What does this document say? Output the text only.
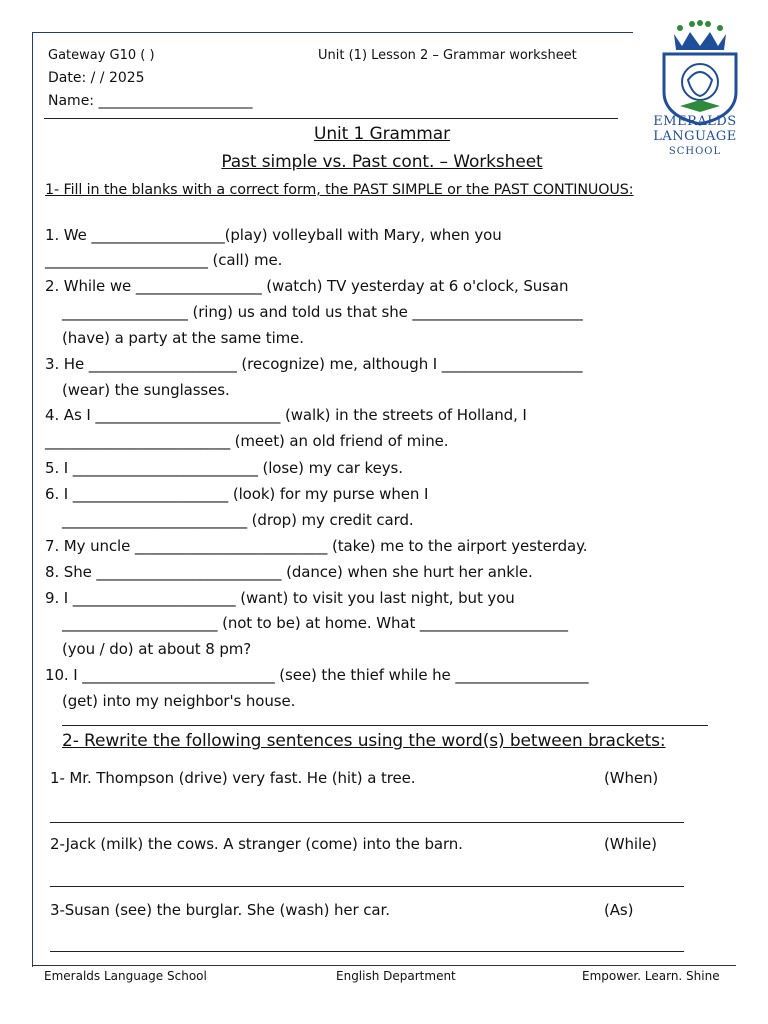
Gateway G10 ( )	Unit (1) Lesson 2 – Grammar worksheet
Date: / / 2025
Name: ______________________
EMERALDS
LANGUAGE
SCHOOL
Unit 1 Grammar
Past simple vs. Past cont. – Worksheet
1- Fill in the blanks with a correct form, the PAST SIMPLE or the PAST CONTINUOUS:
1. We __________________(play) volleyball with Mary, when you
______________________ (call) me.
2. While we _________________ (watch) TV yesterday at 6 o'clock, Susan
_________________ (ring) us and told us that she _______________________
(have) a party at the same time.
3. He ____________________ (recognize) me, although I ___________________
(wear) the sunglasses.
4. As I _________________________ (walk) in the streets of Holland, I
_________________________ (meet) an old friend of mine.
5. I _________________________ (lose) my car keys.
6. I _____________________ (look) for my purse when I
_________________________ (drop) my credit card.
7. My uncle __________________________ (take) me to the airport yesterday.
8. She _________________________ (dance) when she hurt her ankle.
9. I ______________________ (want) to visit you last night, but you
_____________________ (not to be) at home. What ____________________
(you / do) at about 8 pm?
10. I __________________________ (see) the thief while he __________________
(get) into my neighbor's house.
2- Rewrite the following sentences using the word(s) between brackets:
1- Mr. Thompson (drive) very fast. He (hit) a tree.	(When)
2-Jack (milk) the cows. A stranger (come) into the barn.	(While)
3-Susan (see) the burglar. She (wash) her car.	(As)
Emeralds Language School	English Department	Empower. Learn. Shine
